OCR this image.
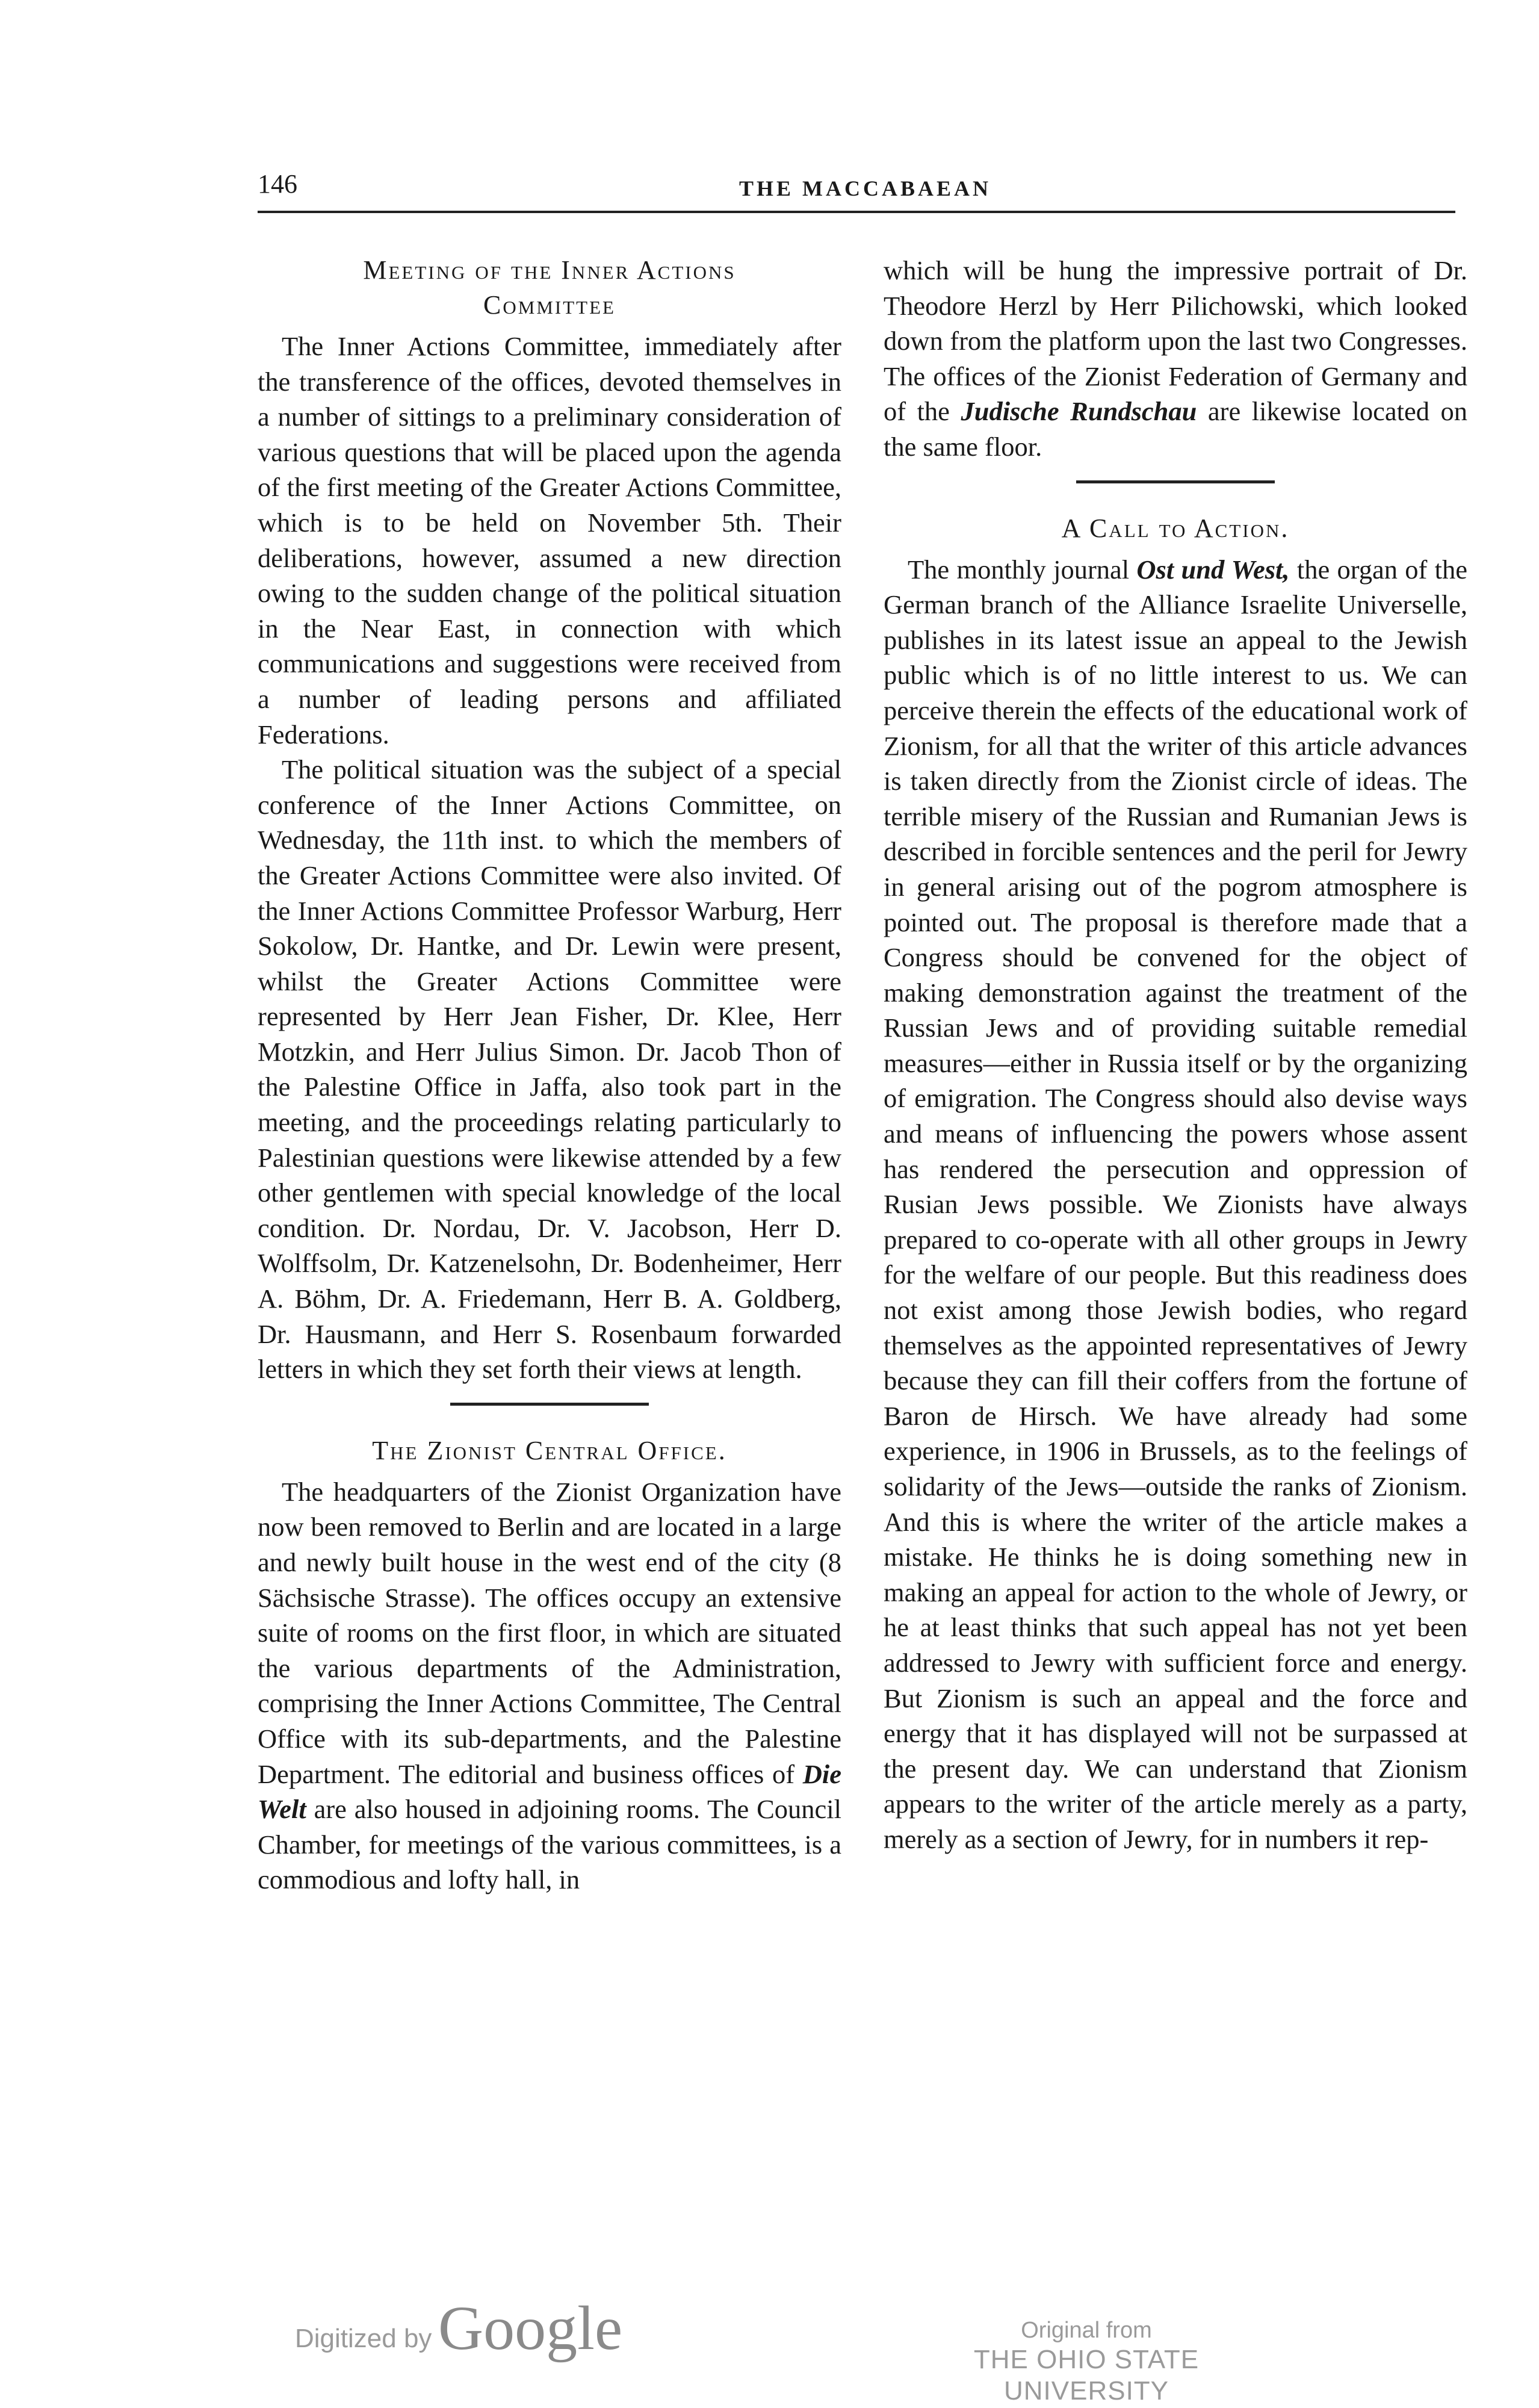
146	THE MACCABAEAN
Meeting of the Inner Actions
Committee

The Inner Actions Committee, immediately after the transference of the offices, devoted themselves in a number of sittings to a preliminary consideration of various questions that will be placed upon the agenda of the first meeting of the Greater Actions Committee, which is to be held on November 5th. Their deliberations, however, assumed a new direction owing to the sudden change of the political situation in the Near East, in connection with which communications and suggestions were received from a number of leading persons and affiliated Federations.

The political situation was the subject of a special conference of the Inner Actions Committee, on Wednesday, the 11th inst. to which the members of the Greater Actions Committee were also invited. Of the Inner Actions Committee Professor Warburg, Herr Sokolow, Dr. Hantke, and Dr. Lewin were present, whilst the Greater Actions Committee were represented by Herr Jean Fisher, Dr. Klee, Herr Motzkin, and Herr Julius Simon. Dr. Jacob Thon of the Palestine Office in Jaffa, also took part in the meeting, and the proceedings relating particularly to Palestinian questions were likewise attended by a few other gentlemen with special knowledge of the local condition. Dr. Nordau, Dr. V. Jacobson, Herr D. Wolffsolm, Dr. Katzenelsohn, Dr. Bodenheimer, Herr A. Böhm, Dr. A. Friedemann, Herr B. A. Goldberg, Dr. Hausmann, and Herr S. Rosenbaum forwarded letters in which they set forth their views at length.

The Zionist Central Office.

The headquarters of the Zionist Organization have now been removed to Berlin and are located in a large and newly built house in the west end of the city (8 Sächsische Strasse). The offices occupy an extensive suite of rooms on the first floor, in which are situated the various departments of the Administration, comprising the Inner Actions Committee, The Central Office with its sub-departments, and the Palestine Department. The editorial and business offices of Die Welt are also housed in adjoining rooms. The Council Chamber, for meetings of the various committees, is a commodious and lofty hall, in

which will be hung the impressive portrait of Dr. Theodore Herzl by Herr Pilichowski, which looked down from the platform upon the last two Congresses. The offices of the Zionist Federation of Germany and of the Judische Rundschau are likewise located on the same floor.

A Call to Action.

The monthly journal Ost und West, the organ of the German branch of the Alliance Israelite Universelle, publishes in its latest issue an appeal to the Jewish public which is of no little interest to us. We can perceive therein the effects of the educational work of Zionism, for all that the writer of this article advances is taken directly from the Zionist circle of ideas. The terrible misery of the Russian and Rumanian Jews is described in forcible sentences and the peril for Jewry in general arising out of the pogrom atmosphere is pointed out. The proposal is therefore made that a Congress should be convened for the object of making demonstration against the treatment of the Russian Jews and of providing suitable remedial measures—either in Russia itself or by the organizing of emigration. The Congress should also devise ways and means of influencing the powers whose assent has rendered the persecution and oppression of Rusian Jews possible. We Zionists have always prepared to co-operate with all other groups in Jewry for the welfare of our people. But this readiness does not exist among those Jewish bodies, who regard themselves as the appointed representatives of Jewry because they can fill their coffers from the fortune of Baron de Hirsch. We have already had some experience, in 1906 in Brussels, as to the feelings of solidarity of the Jews—outside the ranks of Zionism. And this is where the writer of the article makes a mistake. He thinks he is doing something new in making an appeal for action to the whole of Jewry, or he at least thinks that such appeal has not yet been addressed to Jewry with sufficient force and energy. But Zionism is such an appeal and the force and energy that it has displayed will not be surpassed at the present day. We can understand that Zionism appears to the writer of the article merely as a party, merely as a section of Jewry, for in numbers it rep-

Digitized by Google	Original from
THE OHIO STATE UNIVERSITY
